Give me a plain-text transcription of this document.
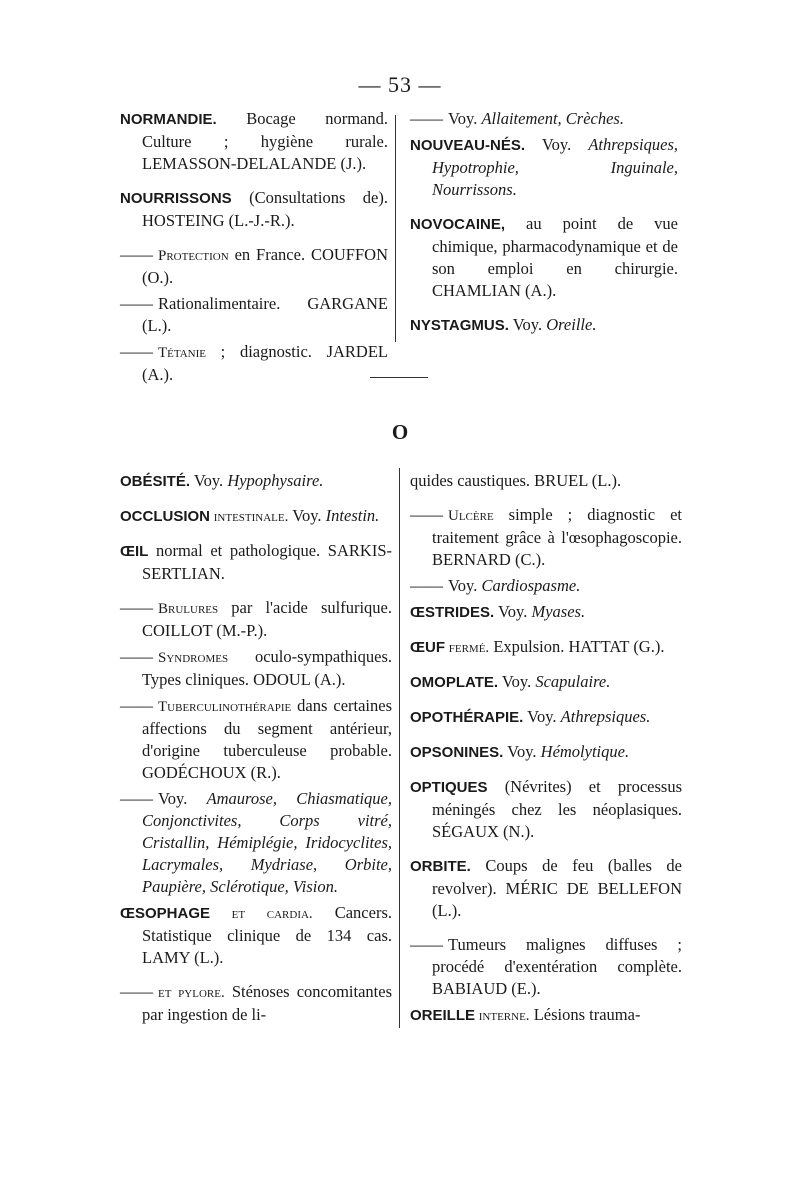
— 53 —
O
NORMANDIE. Bocage normand. Culture ; hygiène rurale. LEMASSON-DELALANDE (J.).
NOURRISSONS (Consultations de). HOSTEING (L.-J.-R.).
—— Protection en France. COUFFON (O.).
—— Rationalimentaire. GARGANE (L.).
—— Tétanie ; diagnostic. JARDEL (A.).
—— Voy. Allaitement, Crèches.
NOUVEAU-NÉS. Voy. Athrepsiques, Hypotrophie, Inguinale, Nourrissons.
NOVOCAINE, au point de vue chimique, pharmacodynamique et de son emploi en chirurgie. CHAMLIAN (A.).
NYSTAGMUS. Voy. Oreille.
OBÉSITÉ. Voy. Hypophysaire.
OCCLUSION intestinale. Voy. Intestin.
ŒIL normal et pathologique. SARKIS-SERTLIAN.
—— Brulures par l'acide sulfurique. COILLOT (M.-P.).
—— Syndromes oculo-sympathiques. Types cliniques. ODOUL (A.).
—— Tuberculinothérapie dans certaines affections du segment antérieur, d'origine tuberculeuse probable. GODÉCHOUX (R.).
—— Voy. Amaurose, Chiasmatique, Conjonctivites, Corps vitré, Cristallin, Hémiplégie, Iridocyclites, Lacrymales, Mydriase, Orbite, Paupière, Sclérotique, Vision.
ŒSOPHAGE et cardia. Cancers. Statistique clinique de 134 cas. LAMY (L.).
—— et pylore. Sténoses concomitantes par ingestion de li-
quides caustiques. BRUEL (L.).
—— Ulcère simple ; diagnostic et traitement grâce à l'œsophagoscopie. BERNARD (C.).
—— Voy. Cardiospasme.
ŒSTRIDES. Voy. Myases.
ŒUF fermé. Expulsion. HATTAT (G.).
OMOPLATE. Voy. Scapulaire.
OPOTHÉRAPIE. Voy. Athrepsiques.
OPSONINES. Voy. Hémolytique.
OPTIQUES (Névrites) et processus méningés chez les néoplasiques. SÉGAUX (N.).
ORBITE. Coups de feu (balles de revolver). MÉRIC DE BELLEFON (L.).
—— Tumeurs malignes diffuses ; procédé d'exentération complète. BABIAUD (E.).
OREILLE interne. Lésions trauma-
